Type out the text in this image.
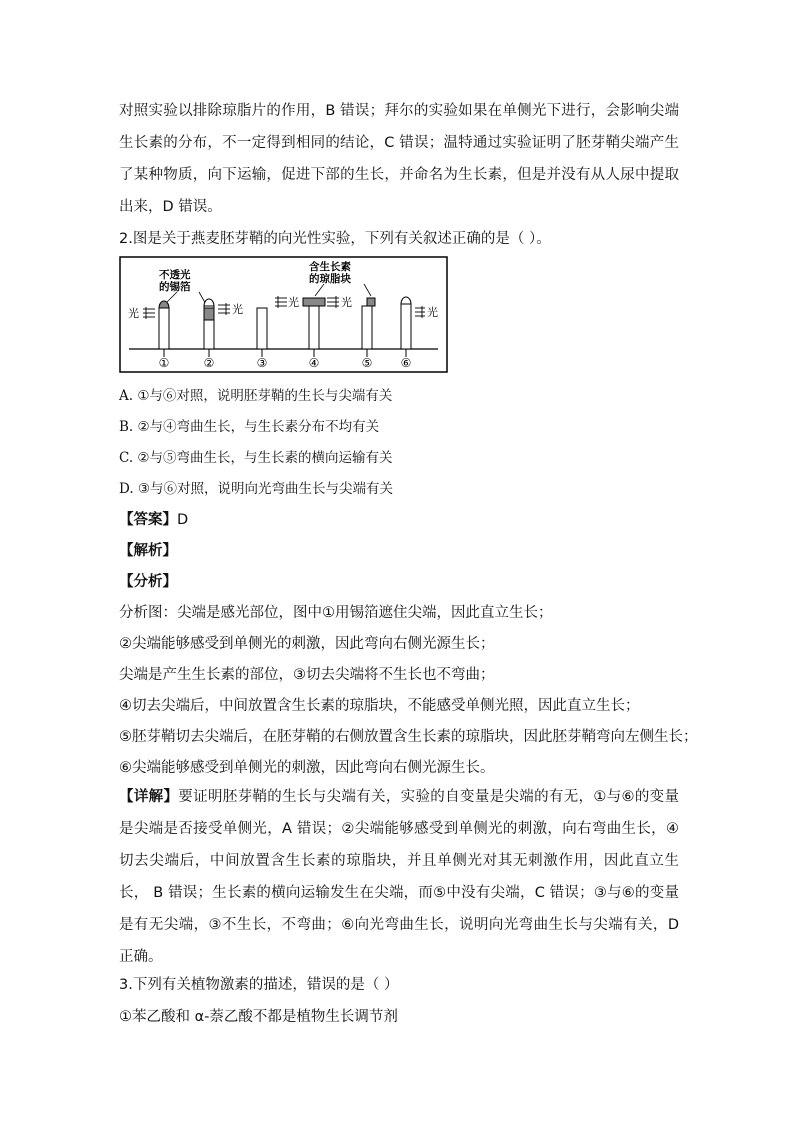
对照实验以排除琼脂片的作用，B 错误；拜尔的实验如果在单侧光下进行，会影响尖端生长素的分布，不一定得到相同的结论，C 错误；温特通过实验证明了胚芽鞘尖端产生了某种物质，向下运输，促进下部的生长，并命名为生长素，但是并没有从人尿中提取出来，D 错误。

2.图是关于燕麦胚芽鞘的向光性实验，下列有关叙述正确的是（ ）。

不透光
的锡箔
含生长素
的琼脂块
光	光
光	光
光
①	②	③	④	⑤ ⑥

A. ①与⑥对照，说明胚芽鞘的生长与尖端有关

B. ②与④弯曲生长，与生长素分布不均有关

C. ②与⑤弯曲生长，与生长素的横向运输有关

D. ③与⑥对照，说明向光弯曲生长与尖端有关

【答案】D

【解析】

【分析】

分析图：尖端是感光部位，图中①用锡箔遮住尖端，因此直立生长；

②尖端能够感受到单侧光的刺激，因此弯向右侧光源生长；

尖端是产生生长素的部位，③切去尖端将不生长也不弯曲；

④切去尖端后，中间放置含生长素的琼脂块，不能感受单侧光照，因此直立生长；

⑤胚芽鞘切去尖端后，在胚芽鞘的右侧放置含生长素的琼脂块，因此胚芽鞘弯向左侧生长；

⑥尖端能够感受到单侧光的刺激，因此弯向右侧光源生长。

【详解】要证明胚芽鞘的生长与尖端有关，实验的自变量是尖端的有无，①与⑥的变量是尖端是否接受单侧光，A 错误；②尖端能够感受到单侧光的刺激，向右弯曲生长，④切去尖端后，中间放置含生长素的琼脂块，并且单侧光对其无刺激作用，因此直立生长， B 错误；生长素的横向运输发生在尖端，而⑤中没有尖端，C 错误；③与⑥的变量是有无尖端，③不生长，不弯曲；⑥向光弯曲生长，说明向光弯曲生长与尖端有关，D 正确。

3.下列有关植物激素的描述，错误的是（ ）

①苯乙酸和 α-萘乙酸不都是植物生长调节剂
